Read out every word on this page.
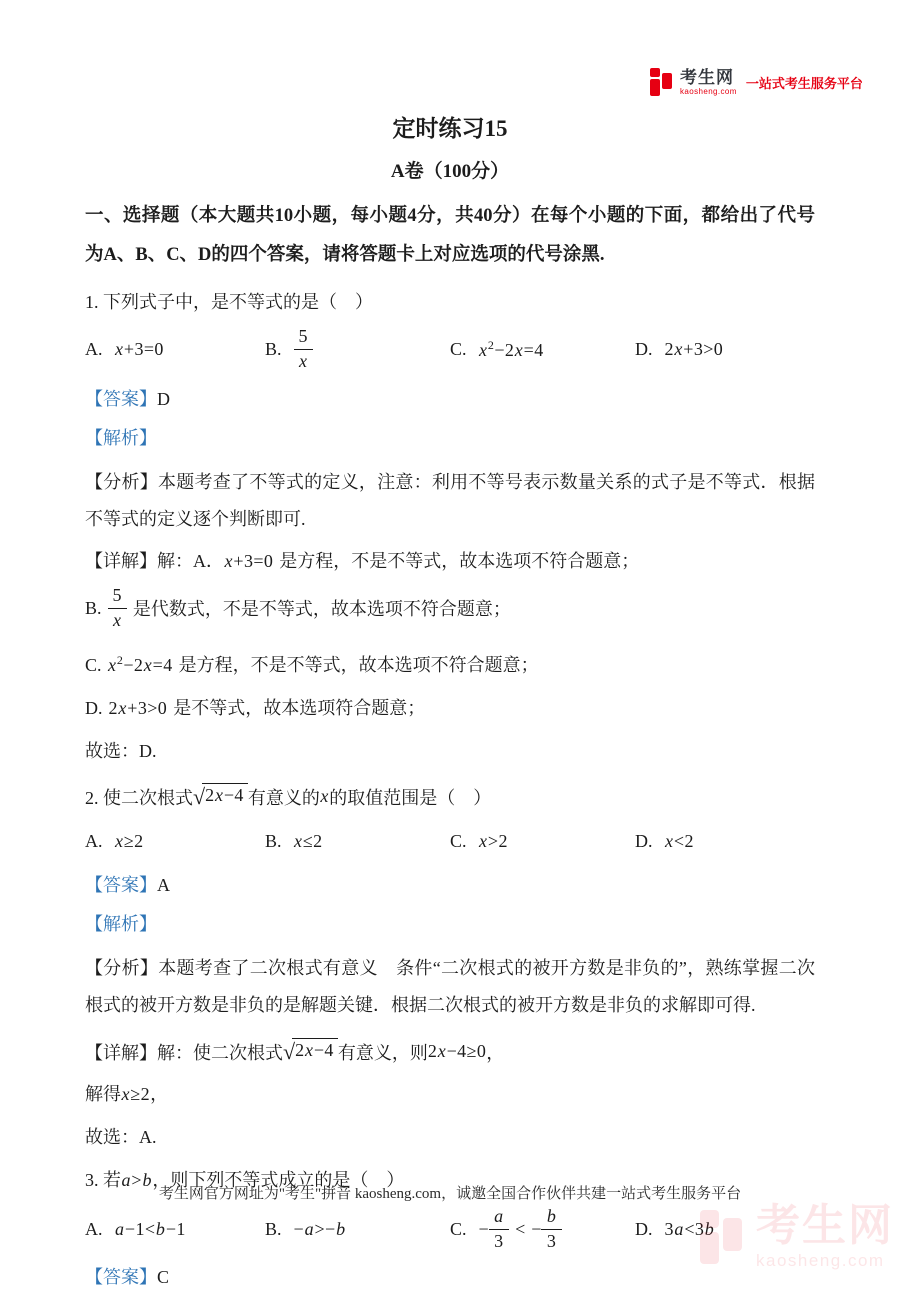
考生网
kaosheng.com
一站式考生服务平台
定时练习15
A卷（100分）
一、选择题（本大题共10小题，每小题4分，共40分）在每个小题的下面，都给出了代号为A、B、C、D的四个答案，请将答题卡上对应选项的代号涂黑.
1. 下列式子中，是不等式的是（　）
A. x+3=0	B. $\frac{5}{x}$	C. $x^2-2x=4$	D. 2x+3>0
【答案】D
【解析】
【分析】本题考查了不等式的定义，注意：利用不等号表示数量关系的式子是不等式．根据不等式的定义逐个判断即可.
【详解】解：A．x+3=0 是方程，不是不等式，故本选项不符合题意；
B. $\frac{5}{x}$ 是代数式，不是不等式，故本选项不符合题意；
C. $x^2-2x=4$ 是方程，不是不等式，故本选项不符合题意；
D. 2x+3>0 是不等式，故本选项符合题意；
故选：D.
2. 使二次根式 √2x−4 有意义的 x 的取值范围是（　）
A. x≥2	B. x≤2	C. x>2	D. x<2
【答案】A
【解析】
【分析】本题考查了二次根式有意义　条件“二次根式的被开方数是非负的”，熟练掌握二次根式的被开方数是非负的是解题关键．根据二次根式的被开方数是非负的求解即可得.
【详解】 解：使二次根式 √2x−4 有意义，则 2x−4≥0 ，
解得x≥2，
故选：A.
3. 若a>b，则下列不等式成立的是（　）
A. a−1<b−1	B. −a>−b	C. − $\frac{a}{3}$ < − $\frac{b}{3}$	D. 3a<3b
【答案】C
考生网官方网址为"考生"拼音 kaosheng.com，诚邀全国合作伙伴共建一站式考生服务平台
考生网
kaosheng.com
